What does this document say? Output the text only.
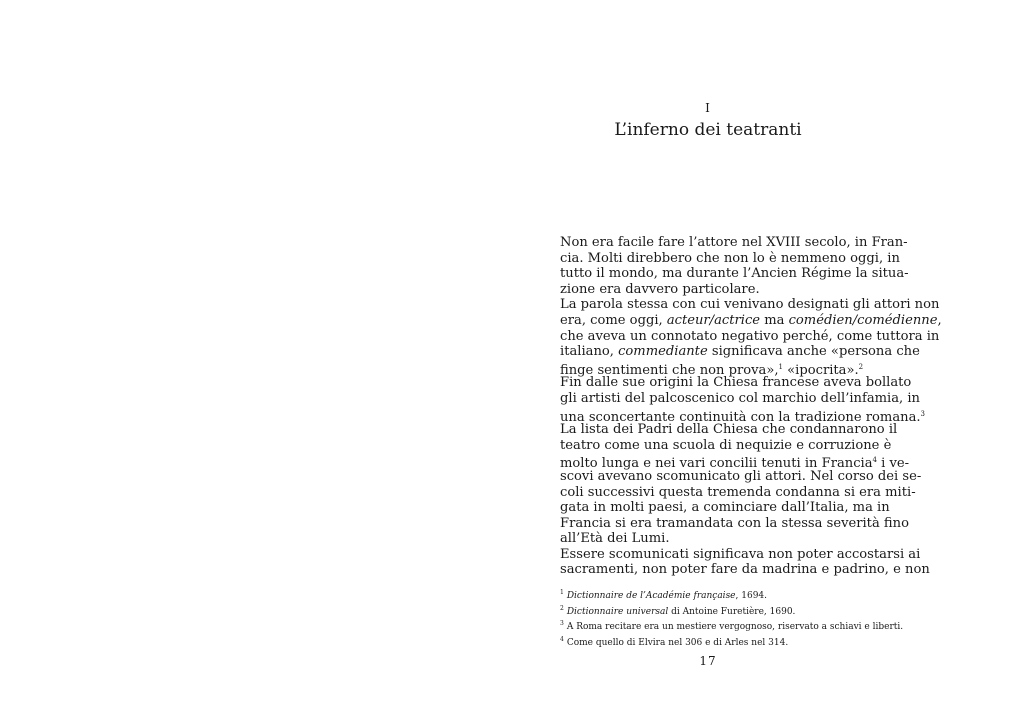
I
L’inferno dei teatranti
Non era facile fare l’attore nel XVIII secolo, in Fran-
cia. Molti direbbero che non lo è nemmeno oggi, in
tutto il mondo, ma durante l’Ancien Régime la situa-
zione era davvero particolare.
La parola stessa con cui venivano designati gli attori non
era, come oggi, acteur/actrice ma comédien/comédienne,
che aveva un connotato negativo perché, come tuttora in
italiano, commediante significava anche «persona che
finge sentimenti che non prova»,$^1$ «ipocrita».$^2$
Fin dalle sue origini la Chiesa francese aveva bollato
gli artisti del palcoscenico col marchio dell’infamia, in
una sconcertante continuità con la tradizione romana.$^3$
La lista dei Padri della Chiesa che condannarono il
teatro come una scuola di nequizie e corruzione è
molto lunga e nei vari concilii tenuti in Francia$^4$ i ve-
scovi avevano scomunicato gli attori. Nel corso dei se-
coli successivi questa tremenda condanna si era miti-
gata in molti paesi, a cominciare dall’Italia, ma in
Francia si era tramandata con la stessa severità fino
all’Età dei Lumi.
Essere scomunicati significava non poter accostarsi ai
sacramenti, non poter fare da madrina e padrino, e non
$^1$ Dictionnaire de l’Académie française, 1694.
$^2$ Dictionnaire universal di Antoine Furetière, 1690.
$^3$ A Roma recitare era un mestiere vergognoso, riservato a schiavi e liberti.
$^4$ Come quello di Elvira nel 306 e di Arles nel 314.
17
